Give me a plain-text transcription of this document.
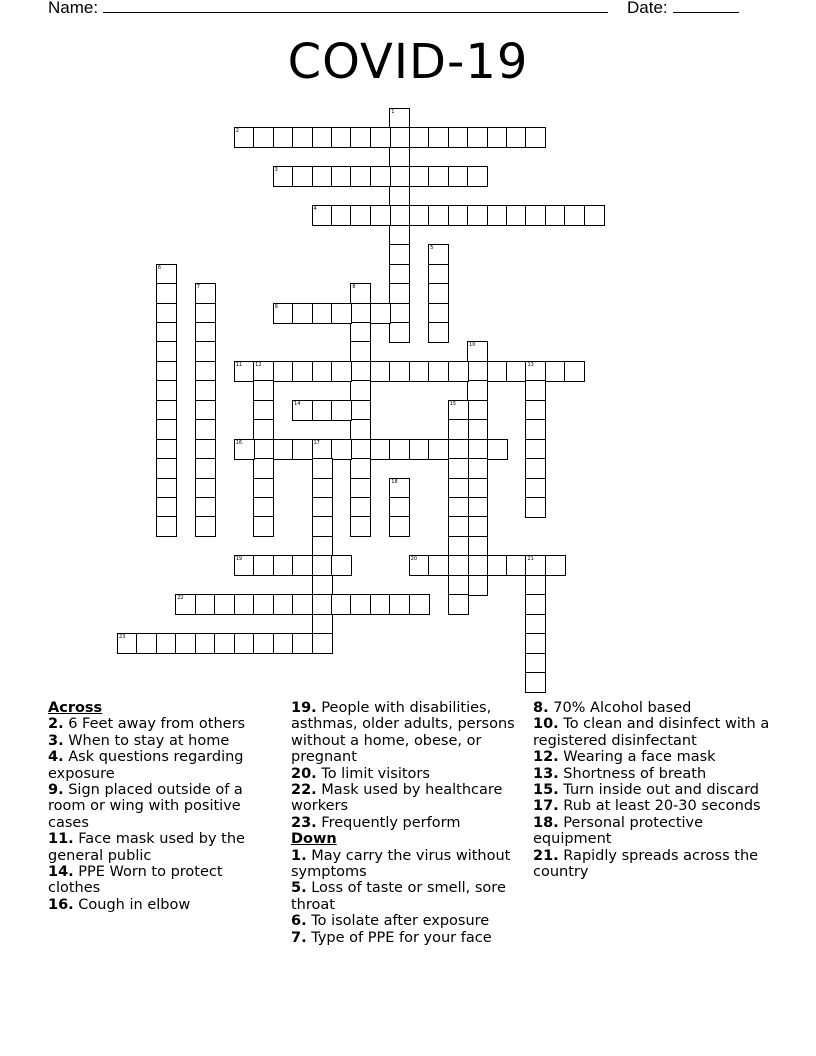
Name:	Date:
COVID-19
1
2
3
4
5
6
7	8
9
10
11	12	13
14	15
16	17
18
19	20	21
22
23
Across
2. 6 Feet away from others
3. When to stay at home
4. Ask questions regarding exposure
9. Sign placed outside of a room or wing with positive cases
11. Face mask used by the general public
14. PPE Worn to protect clothes
16. Cough in elbow
19. People with disabilities, asthmas, older adults, persons without a home, obese, or pregnant
20. To limit visitors
22. Mask used by healthcare workers
23. Frequently perform
Down
1. May carry the virus without symptoms
5. Loss of taste or smell, sore throat
6. To isolate after exposure
7. Type of PPE for your face
8. 70% Alcohol based
10. To clean and disinfect with a registered disinfectant
12. Wearing a face mask
13. Shortness of breath
15. Turn inside out and discard
17. Rub at least 20-30 seconds
18. Personal protective equipment
21. Rapidly spreads across the country
